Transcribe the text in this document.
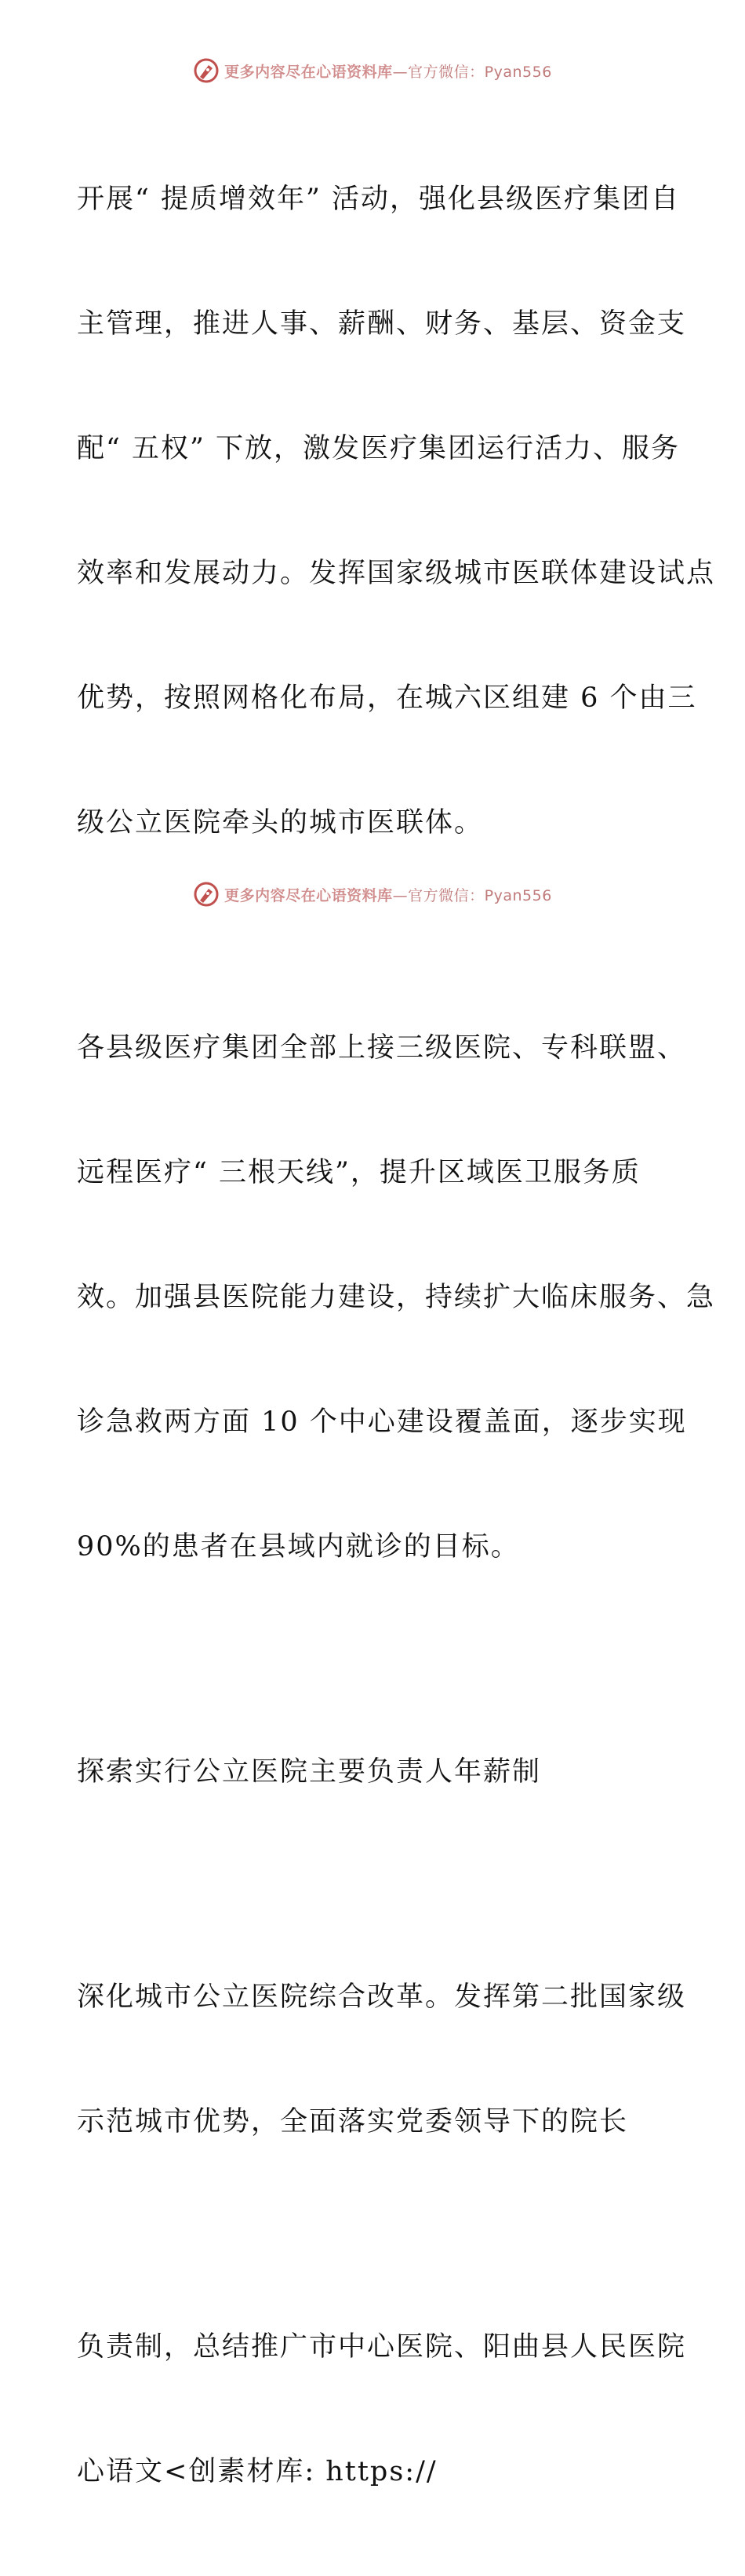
更多内容尽在心语资料库—官方微信：Pyan556

开展“ 提质增效年” 活动，强化县级医疗集团自

主管理，推进人事、薪酬、财务、基层、资金支

配“ 五权” 下放，激发医疗集团运行活力、服务

效率和发展动力。发挥国家级城市医联体建设试点

优势，按照网格化布局，在城六区组建 6 个由三

级公立医院牵头的城市医联体。

各县级医疗集团全部上接三级医院、专科联盟、

远程医疗“ 三根天线”，提升区域医卫服务质

效。加强县医院能力建设，持续扩大临床服务、急

诊急救两方面 10 个中心建设覆盖面，逐步实现

90%的患者在县域内就诊的目标。

探索实行公立医院主要负责人年薪制

深化城市公立医院综合改革。发挥第二批国家级

示范城市优势，全面落实党委领导下的院长

负责制，总结推广市中心医院、阳曲县人民医院

心语文<创素材库: https://

更多内容尽在心语资料库—官方微信：Pyan556
